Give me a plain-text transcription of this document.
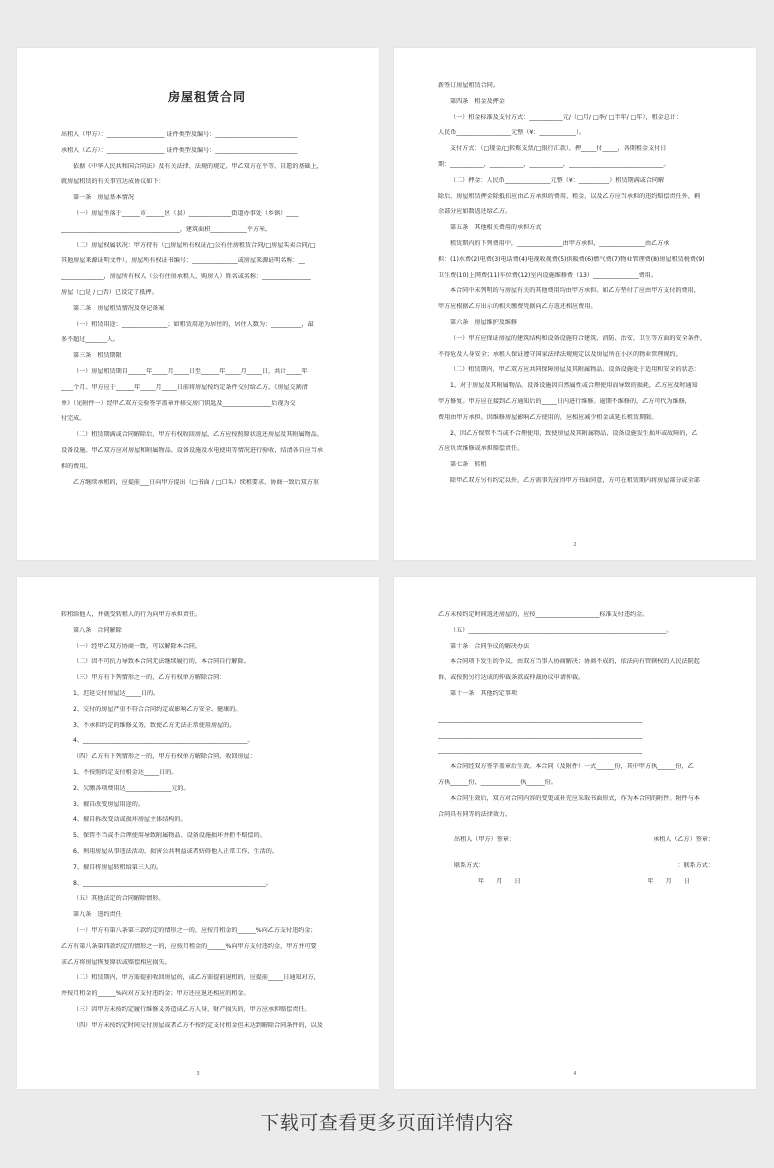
房屋租赁合同
出租人（甲方）：___________________ 证件类型及编号：___________________________
承租人（乙方）：___________________ 证件类型及编号：___________________________
依据《中华人民共和国合同法》及有关法律、法规的规定，甲乙双方在平等、自愿的基础上，
就房屋租赁的有关事宜达成协议如下：
第一条　房屋基本情况
（一）房屋坐落于______市______区（县）______________街道办事处（乡镇）____
_______________________________________，建筑面积____________平方米。
（二）房屋权属状况：甲方持有（□房屋所有权证/□公有住房租赁合同/□房屋买卖合同/□
其他房屋来源证明文件），房屋所有权证书编号：_______________或房屋来源证明名称：__
______________，房屋所有权人（公有住房承租人、购房人）姓名或名称：________________
房屋（□是 / □否）已设定了抵押。
第二条　房屋租赁情况及登记备案
（一）租赁用途：_______________；如租赁用途为居住的，居住人数为：__________，最
多不超过_______人。
第三条　租赁期限
（一）房屋租赁期自______年_____月_____日至______年_____月_____日，共计_____年
____个月。甲方应于______年_____月_____日前将房屋按约定条件交付给乙方。《房屋交割清
单》（见附件一）经甲乙双方交验签字盖章并移交房门钥匙及________________后视为交
付完成。
（二）租赁期满或合同解除后，甲方有权收回房屋，乙方应按照原状返还房屋及其附属物品、
设备设施。甲乙双方应对房屋和附属物品、设备设施及水电使用等情况进行验收，结清各自应当承
担的费用。
乙方继续承租的，应提前___日向甲方提出（□书面 / □口头）续租要求，协商一致后双方重
新签订房屋租赁合同。
第四条　租金及押金
（一）租金标准及支付方式：___________元/（□月/ □季/ □半年/ □年），租金总计：
人民币__________________元整（¥：____________）。
支付方式：（□现金/□转账支票/□银行汇款），押_____付_____，各期租金支付日
期：___________，___________，___________，_______________________________。
（二）押金：人民币_______________元整（¥：__________）租赁期满或合同解
除后，房屋租赁押金除抵扣应由乙方承担的费用、租金，以及乙方应当承担的违约赔偿责任外，剩
余部分应如数返还给乙方。
第五条　其他相关费用的承担方式
租赁期内的下列费用中，_______________由甲方承担，_______________由乙方承
担：(1)水费(2)电费(3)电话费(4)电视收视费(5)供暖费(6)燃气费(7)物业管理费(8)房屋租赁税费(9)
卫生费(10)上网费(11)车位费(12)室内设施维修费（13）_______________费用。
本合同中未列明的与房屋有关的其他费用均由甲方承担。如乙方垫付了应由甲方支付的费用，
甲方应根据乙方出示的相关缴费凭据向乙方返还相应费用。
第六条　房屋维护及维修
（一）甲方应保证房屋的建筑结构和设备设施符合建筑、消防、治安、卫生等方面的安全条件，
不得危及人身安全；承租人保证遵守国家法律法规规定以及房屋所在小区的物业管理规约。
（二）租赁期内，甲乙双方应共同保障房屋及其附属物品、设备设施处于适用和安全的状态：
1、对于房屋及其附属物品、设备设施因自然属性或合理使用而导致的损耗，乙方应及时通知
甲方修复。甲方应在接到乙方通知后的_____日内进行维修。逾期不维修的，乙方可代为维修，
费用由甲方承担。因维修房屋影响乙方使用的，应相应减少租金或延长租赁期限。
2、因乙方保管不当或不合理使用，致使房屋及其附属物品、设备设施发生损坏或故障的，乙
方应负责维修或承担赔偿责任。
第七条　转租
除甲乙双方另有约定以外，乙方需事先征得甲方书面同意，方可在租赁期内将房屋部分或全部
2
转租给他人，并就受转租人的行为向甲方承担责任。
第八条　合同解除
（一）经甲乙双方协商一致，可以解除本合同。
（二）因不可抗力导致本合同无法继续履行的，本合同自行解除。
（三）甲方有下列情形之一的，乙方有权单方解除合同：
1、迟延交付房屋达_____日的。
2、交付的房屋严重不符合合同约定或影响乙方安全、健康的。
3、不承担约定的维修义务，致使乙方无法正常使用房屋的。
4、______________________________________________________。
（四）乙方有下列情形之一的，甲方有权单方解除合同，收回房屋：
1、不按照约定支付租金达_____日的。
2、欠缴各项费用达_______________元的。
3、擅自改变房屋用途的。
4、擅自拆改变动或损坏房屋主体结构的。
5、保管不当或不合理使用导致附属物品、设备设施损坏并拒不赔偿的。
6、利用房屋从事违法活动、损害公共利益或者妨碍他人正常工作、生活的。
7、擅自将房屋转租给第三人的。
8、____________________________________________________________。
（五）其他法定的合同解除情形。
第九条　违约责任
（一）甲方有第八条第三款约定的情形之一的，应按月租金的______%向乙方支付违约金；
乙方有第八条第四款约定的情形之一的，应按月租金的______%向甲方支付违约金，甲方并可要
求乙方将房屋恢复原状或赔偿相应损失。
（二）租赁期内，甲方需提前收回房屋的，或乙方需提前退租的，应提前_____日通知对方，
并按月租金的______%向对方支付违约金；甲方还应退还相应的租金。
（三）因甲方未按约定履行维修义务造成乙方人身、财产损失的，甲方应承担赔偿责任。
（四）甲方未按约定时间交付房屋或者乙方不按约定支付租金但未达到解除合同条件的，以及
3
乙方未按约定时间返还房屋的，应按_____________________标准支付违约金。
（五）_________________________________________________________________。
第十条　合同争议的解决办法
本合同项下发生的争议，由双方当事人协商解决；协商不成的，依法向有管辖权的人民法院起
诉，或按照另行达成的仲裁条款或仲裁协议申请仲裁。
第十一条　其他约定事项
___________________________________________________________________
___________________________________________________________________
___________________________________________________________________
本合同经双方签字盖章后生效。本合同（及附件）一式______份，其中甲方执______份，乙
方执______份，_____________执______份。
本合同生效后，双方对合同内容的变更或补充应采取书面形式，作为本合同的附件。附件与本
合同具有同等的法律效力。
出租人（甲方）签章：	承租人（乙方）签章：
联系方式：	：联系方式：
年　　月　　日	年　　月　　日
4
下载可查看更多页面详情内容
